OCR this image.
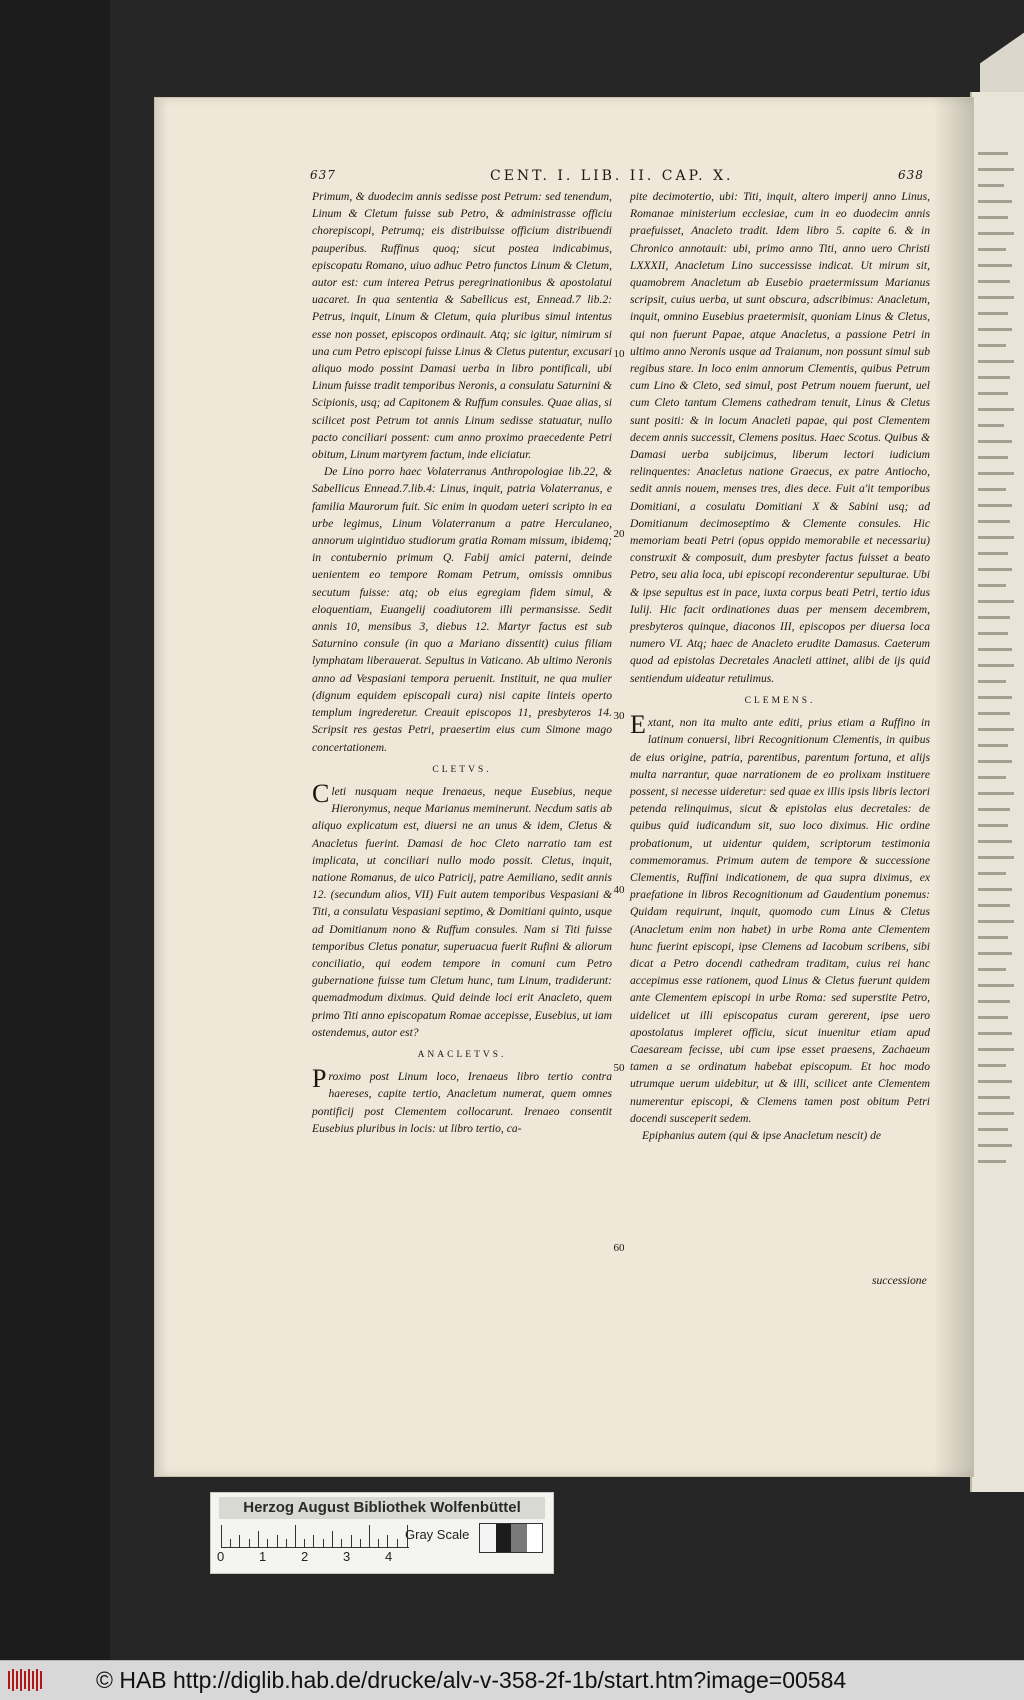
637	CENT. I. LIB. II. CAP. X.	638

Primum, & duodecim annis sedisse post Petrum: sed tenendum, Linum & Cletum fuisse sub Petro, & administrasse officiu chorepiscopi, Petrumq; eis distribuisse officium distribuendi pauperibus. Ruffinus quoq; sicut postea indicabimus, episcopatu Romano, uiuo adhuc Petro functos Linum & Cletum, autor est: cum interea Petrus peregrinationibus & apostolatui uacaret. In qua sententia & Sabellicus est, Ennead.7 lib.2: Petrus, inquit, Linum & Cletum, quia pluribus simul intentus esse non posset, episcopos ordinauit. Atq; sic igitur, nimirum si una cum Petro episcopi fuisse Linus & Cletus putentur, excusari aliquo modo possint Damasi uerba in libro pontificali, ubi Linum fuisse tradit temporibus Neronis, a consulatu Saturnini & Scipionis, usq; ad Capitonem & Ruffum consules. Quae alias, si scilicet post Petrum tot annis Linum sedisse statuatur, nullo pacto conciliari possent: cum anno proximo praecedente Petri obitum, Linum martyrem factum, inde eliciatur.

De Lino porro haec Volaterranus Anthropologiae lib.22, & Sabellicus Ennead.7.lib.4: Linus, inquit, patria Volaterranus, e familia Maurorum fuit. Sic enim in quodam ueteri scripto in ea urbe legimus, Linum Volaterranum a patre Herculaneo, annorum uigintiduo studiorum gratia Romam missum, ibidemq; in contubernio primum Q. Fabij amici paterni, deinde uenientem eo tempore Romam Petrum, omissis omnibus secutum fuisse: atq; ob eius egregiam fidem simul, & eloquentiam, Euangelij coadiutorem illi permansisse. Sedit annis 10, mensibus 3, diebus 12. Martyr factus est sub Saturnino consule (in quo a Mariano dissentit) cuius filiam lymphatam liberauerat. Sepultus in Vaticano. Ab ultimo Neronis anno ad Vespasiani tempora peruenit. Instituit, ne qua mulier (dignum equidem episcopali cura) nisi capite linteis operto templum ingrederetur. Creauit episcopos 11, presbyteros 14. Scripsit res gestas Petri, praesertim eius cum Simone mago concertationem.

CLETVS.

Cleti nusquam neque Irenaeus, neque Eusebius, neque Hieronymus, neque Marianus meminerunt. Necdum satis ab aliquo explicatum est, diuersi ne an unus & idem, Cletus & Anacletus fuerint. Damasi de hoc Cleto narratio tam est implicata, ut conciliari nullo modo possit. Cletus, inquit, natione Romanus, de uico Patricij, patre Aemiliano, sedit annis 12. (secundum alios, VII) Fuit autem temporibus Vespasiani & Titi, a consulatu Vespasiani septimo, & Domitiani quinto, usque ad Domitianum nono & Ruffum consules. Nam si Titi fuisse temporibus Cletus ponatur, superuacua fuerit Rufini & aliorum conciliatio, qui eodem tempore in comuni cum Petro gubernatione fuisse tum Cletum hunc, tum Linum, tradiderunt: quemadmodum diximus. Quid deinde loci erit Anacleto, quem primo Titi anno episcopatum Romae accepisse, Eusebius, ut iam ostendemus, autor est?

ANACLETVS.

Proximo post Linum loco, Irenaeus libro tertio contra haereses, capite tertio, Anacletum numerat, quem omnes pontificij post Clementem collocarunt. Irenaeo consentit Eusebius pluribus in locis: ut libro tertio, ca-

pite decimotertio, ubi: Titi, inquit, altero imperij anno Linus, Romanae ministerium ecclesiae, cum in eo duodecim annis praefuisset, Anacleto tradit. Idem libro 5. capite 6. & in Chronico annotauit: ubi, primo anno Titi, anno uero Christi LXXXII, Anacletum Lino successisse indicat. Ut mirum sit, quamobrem Anacletum ab Eusebio praetermissum Marianus scripsit, cuius uerba, ut sunt obscura, adscribimus: Anacletum, inquit, omnino Eusebius praetermisit, quoniam Linus & Cletus, qui non fuerunt Papae, atque Anacletus, a passione Petri in ultimo anno Neronis usque ad Traianum, non possunt simul sub regibus stare. In loco enim annorum Clementis, quibus Petrum cum Lino & Cleto, sed simul, post Petrum nouem fuerunt, uel cum Cleto tantum Clemens cathedram tenuit, Linus & Cletus sunt positi: & in locum Anacleti papae, qui post Clementem decem annis successit, Clemens positus. Haec Scotus. Quibus & Damasi uerba subijcimus, liberum lectori iudicium relinquentes: Anacletus natione Graecus, ex patre Antiocho, sedit annis nouem, menses tres, dies dece. Fuit a'it temporibus Domitiani, a cosulatu Domitiani X & Sabini usq; ad Domitianum decimoseptimo & Clemente consules. Hic memoriam beati Petri (opus oppido memorabile et necessariu) construxit & composuit, dum presbyter factus fuisset a beato Petro, seu alia loca, ubi episcopi reconderentur sepulturae. Ubi & ipse sepultus est in pace, iuxta corpus beati Petri, tertio idus Iulij. Hic facit ordinationes duas per mensem decembrem, presbyteros quinque, diaconos III, episcopos per diuersa loca numero VI. Atq; haec de Anacleto erudite Damasus. Caeterum quod ad epistolas Decretales Anacleti attinet, alibi de ijs quid sentiendum uideatur retulimus.

CLEMENS.

Extant, non ita multo ante editi, prius etiam a Ruffino in latinum conuersi, libri Recognitionum Clementis, in quibus de eius origine, patria, parentibus, parentum fortuna, et alijs multa narrantur, quae narrationem de eo prolixam instituere possent, si necesse uideretur: sed quae ex illis ipsis libris lectori petenda relinquimus, sicut & epistolas eius decretales: de quibus quid iudicandum sit, suo loco diximus. Hic ordine probationum, ut uidentur quidem, scriptorum testimonia commemoramus. Primum autem de tempore & successione Clementis, Ruffini indicationem, de qua supra diximus, ex praefatione in libros Recognitionum ad Gaudentium ponemus: Quidam requirunt, inquit, quomodo cum Linus & Cletus (Anacletum enim non habet) in urbe Roma ante Clementem hunc fuerint episcopi, ipse Clemens ad Iacobum scribens, sibi dicat a Petro docendi cathedram traditam, cuius rei hanc accepimus esse rationem, quod Linus & Cletus fuerunt quidem ante Clementem episcopi in urbe Roma: sed superstite Petro, uidelicet ut illi episcopatus curam gererent, ipse uero apostolatus impleret officiu, sicut inuenitur etiam apud Caesaream fecisse, ubi cum ipse esset praesens, Zachaeum tamen a se ordinatum habebat episcopum. Et hoc modo utrumque uerum uidebitur, ut & illi, scilicet ante Clementem numerentur episcopi, & Clemens tamen post obitum Petri docendi susceperit sedem.

Epiphanius autem (qui & ipse Anacletum nescit) de

successione
10
20
30
40
50
60
Herzog August Bibliothek Wolfenbüttel
0	1	2	3	4
Gray Scale
© HAB http://diglib.hab.de/drucke/alv-v-358-2f-1b/start.htm?image=00584
